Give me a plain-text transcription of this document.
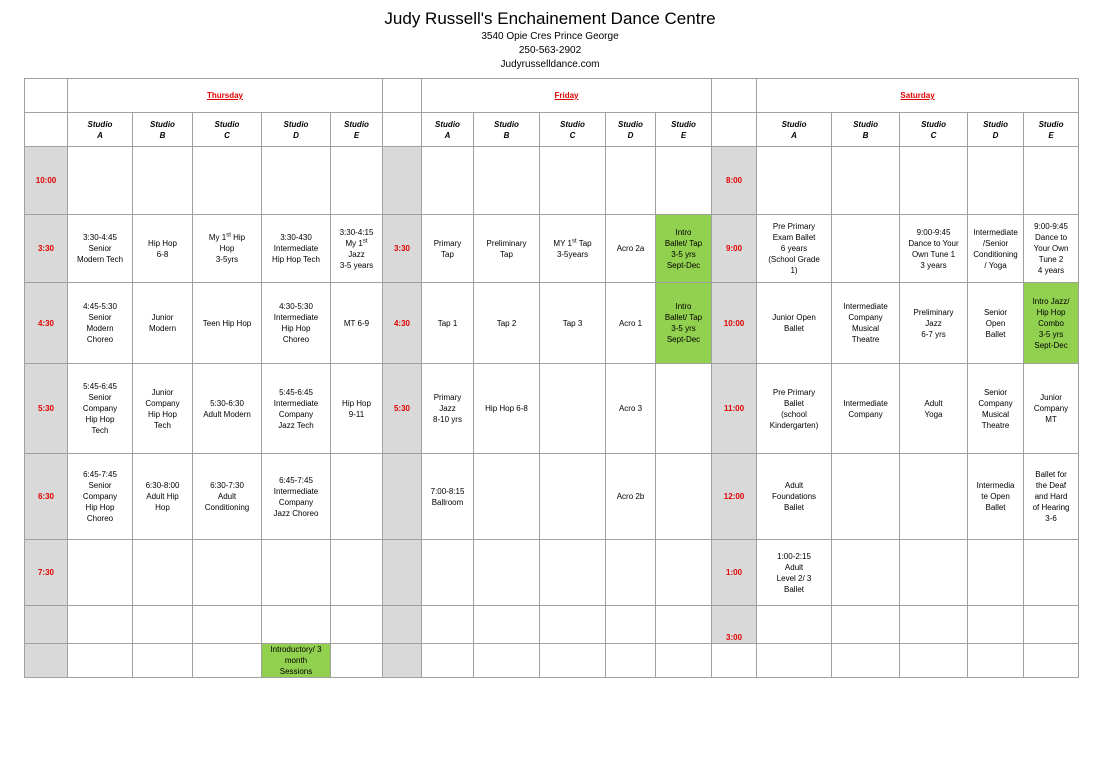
Judy Russell's Enchainement Dance Centre
3540 Opie Cres Prince George
250-563-2902
Judyrusselldance.com
	Thursday						Friday						Saturday				
	Studio
A	Studio
B	Studio
C	Studio
D	Studio
E		Studio
A	Studio
B	Studio
C	Studio
D	Studio
E		Studio
A	Studio
B	Studio
C	Studio
D	Studio
E
10:00												8:00					
3:30	3:30-4:45
Senior
Modern Tech	Hip Hop
6-8	My 1st Hip
Hop
3-5yrs	3:30-430
Intermediate
Hip Hop Tech	3:30-4:15
My 1st
Jazz
3-5 years	3:30	Primary
Tap	Preliminary
Tap	MY 1st Tap
3-5years	Acro 2a	Intro
Ballet/ Tap
3-5 yrs
Sept-Dec	9:00	Pre Primary
Exam Ballet
6 years
(School Grade
1)		9:00-9:45
Dance to Your
Own Tune 1
3 years	Intermediate
/Senior
Conditioning
/ Yoga	9:00-9:45
Dance to
Your Own
Tune 2
4 years
4:30	4:45-5:30
Senior
Modern
Choreo	Junior
Modern	Teen Hip Hop	4:30-5:30
Intermediate
Hip Hop
Choreo	MT 6-9	4:30	Tap 1	Tap 2	Tap 3	Acro 1	Intro
Ballet/ Tap
3-5 yrs
Sept-Dec	10:00	Junior Open
Ballet	Intermediate
Company
Musical
Theatre	Preliminary
Jazz
6-7 yrs	Senior
Open
Ballet	Intro Jazz/
Hip Hop
Combo
3-5 yrs
Sept-Dec
5:30	5:45-6:45
Senior
Company
Hip Hop
Tech	Junior
Company
Hip Hop
Tech	5:30-6:30
Adult Modern	5:45-6:45
Intermediate
Company
Jazz Tech	Hip Hop
9-11	5:30	Primary
Jazz
8-10 yrs	Hip Hop 6-8		Acro 3		11:00	Pre Primary
Ballet
(school
Kindergarten)	Intermediate
Company	Adult
Yoga	Senior
Company
Musical
Theatre	Junior
Company
MT
6:30	6:45-7:45
Senior
Company
Hip Hop
Choreo	6:30-8:00
Adult Hip
Hop	6:30-7:30
Adult
Conditioning	6:45-7:45
Intermediate
Company
Jazz Choreo			7:00-8:15
Ballroom			Acro 2b		12:00	Adult
Foundations
Ballet			Intermedia
te Open
Ballet	Ballet for
the Deaf
and Hard
of Hearing
3-6
7:30												1:00	1:00-2:15
Adult
Level 2/ 3
Ballet				
												3:00					
				Introductory/ 3 month
Sessions													
